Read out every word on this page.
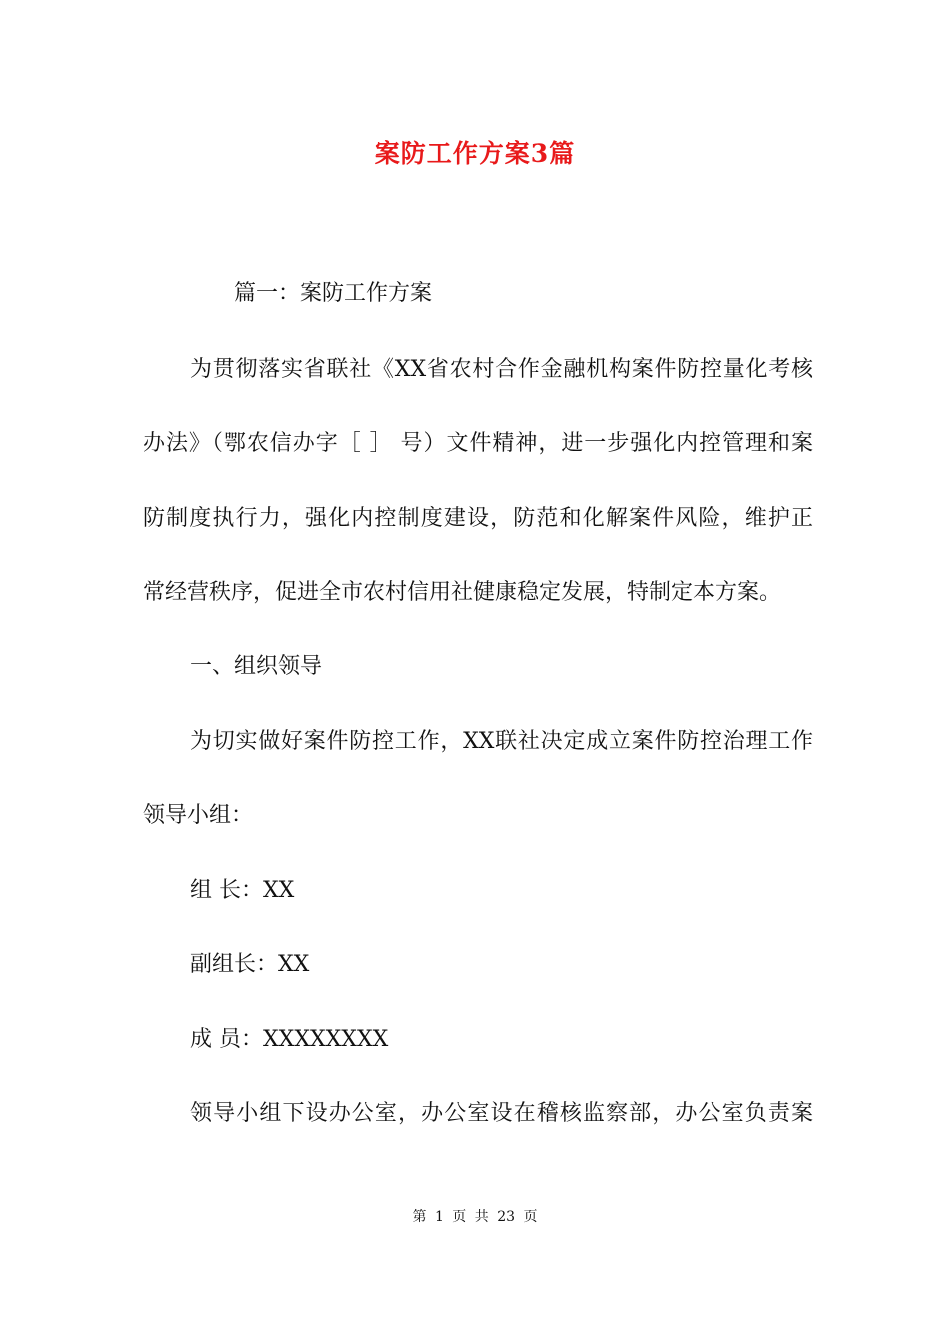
案防工作方案3篇
篇一：案防工作方案
为贯彻落实省联社《XX省农村合作金融机构案件防控量化考核
办法》（鄂农信办字［ ］ 号）文件精神，进一步强化内控管理和案
防制度执行力，强化内控制度建设，防范和化解案件风险，维护正
常经营秩序，促进全市农村信用社健康稳定发展，特制定本方案。
一、组织领导
为切实做好案件防控工作，XX联社决定成立案件防控治理工作
领导小组：
组 长：XX
副组长：XX
成 员：XXXXXXXX
领导小组下设办公室，办公室设在稽核监察部，办公室负责案
第 1 页 共 23 页
